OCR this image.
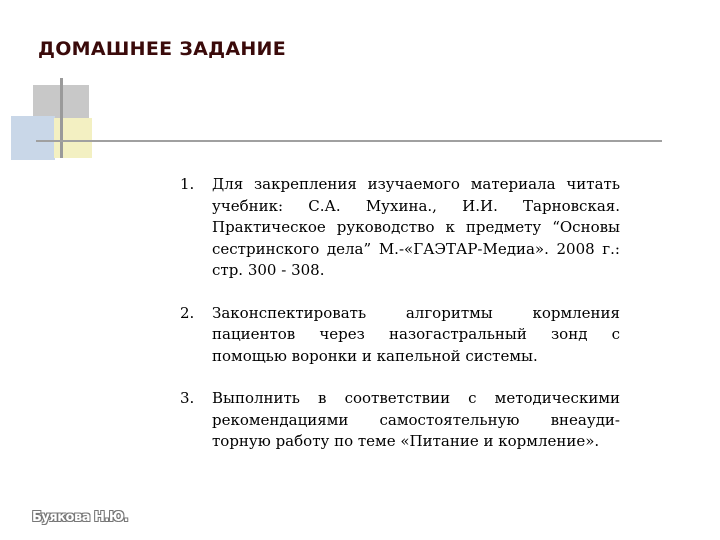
ДОМАШНЕЕ ЗАДАНИЕ
1.	Для закрепления изучаемого материала читать учебник: С.А. Мухина., И.И. Тарновская. Практическое руководство к предмету “Основы сестринского дела” М.-«ГАЭТАР-Медиа». 2008 г.: стр. 300 - 308.
2.	Законспектировать алгоритмы кормления пациентов через назогастральный зонд с помощью воронки и капельной системы.
3.	Выполнить в соответствии с методическими рекомендациями самостоятельную внеауди-торную работу по теме «Питание и кормление».
Буякова Н.Ю.
